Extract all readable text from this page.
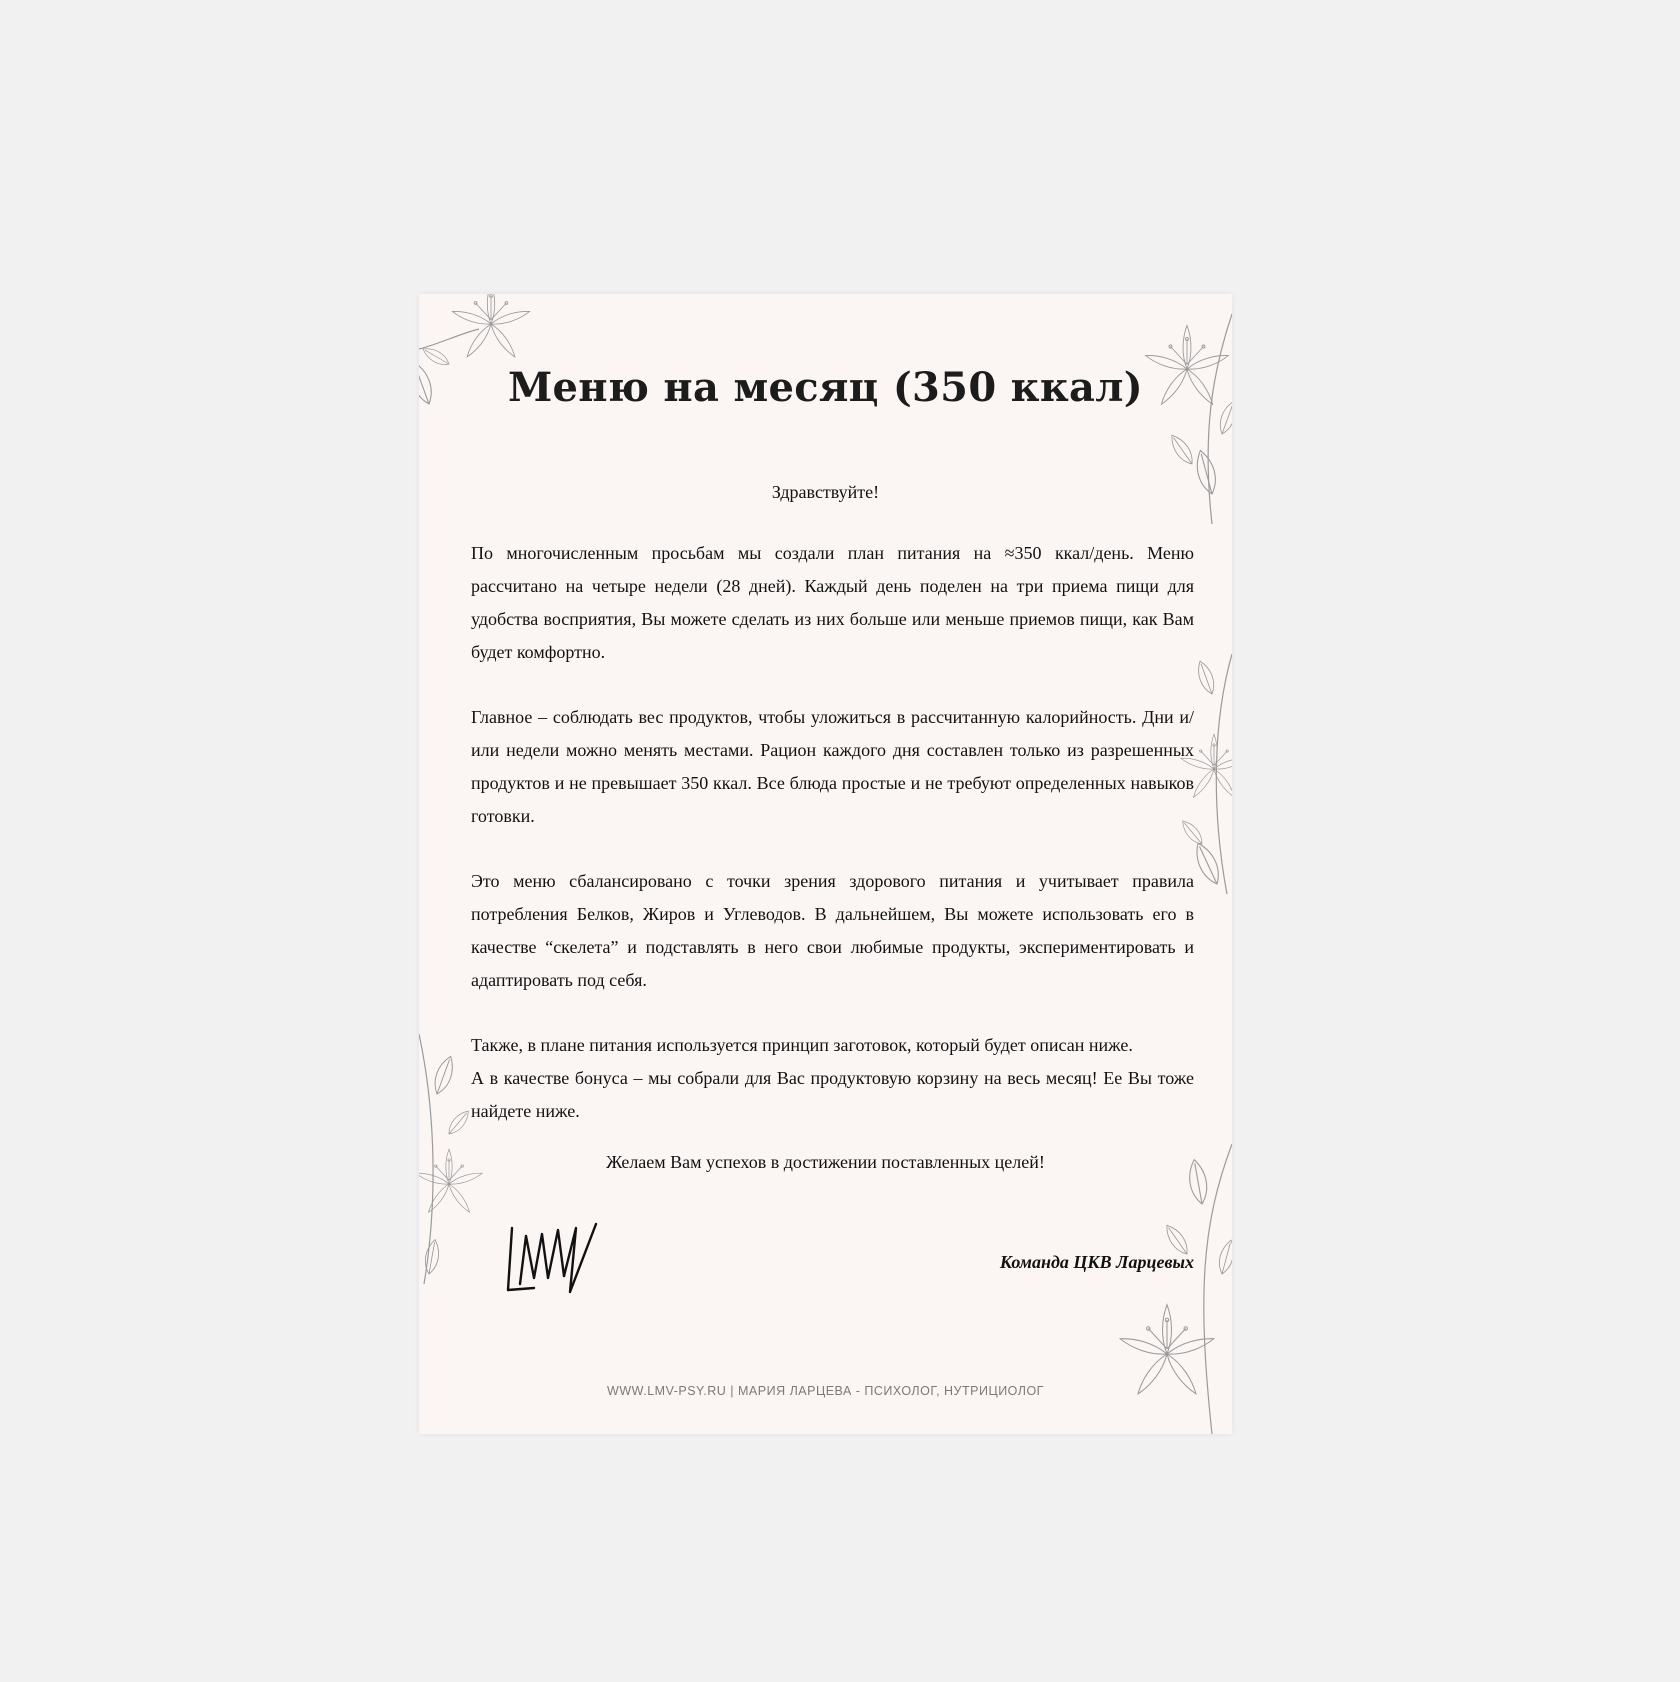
Меню на месяц (350 ккал)

Здравствуйте!

По многочисленным просьбам мы создали план питания на ≈350 ккал/день. Меню рассчитано на четыре недели (28 дней). Каждый день поделен на три приема пищи для удобства восприятия, Вы можете сделать из них больше или меньше приемов пищи, как Вам будет комфортно.

Главное – соблюдать вес продуктов, чтобы уложиться в рассчитанную калорийность. Дни и/или недели можно менять местами. Рацион каждого дня составлен только из разрешенных продуктов и не превышает 350 ккал. Все блюда простые и не требуют определенных навыков готовки.

Это меню сбалансировано с точки зрения здорового питания и учитывает правила потребления Белков, Жиров и Углеводов. В дальнейшем, Вы можете использовать его в качестве “скелета” и подставлять в него свои любимые продукты, экспериментировать и адаптировать под себя.

Также, в плане питания используется принцип заготовок, который будет описан ниже.

А в качестве бонуса – мы собрали для Вас продуктовую корзину на весь месяц! Ее Вы тоже найдете ниже.

Желаем Вам успехов в достижении поставленных целей!

Команда ЦКВ Ларцевых

WWW.LMV-PSY.RU | МАРИЯ ЛАРЦЕВА - ПСИХОЛОГ, НУТРИЦИОЛОГ
